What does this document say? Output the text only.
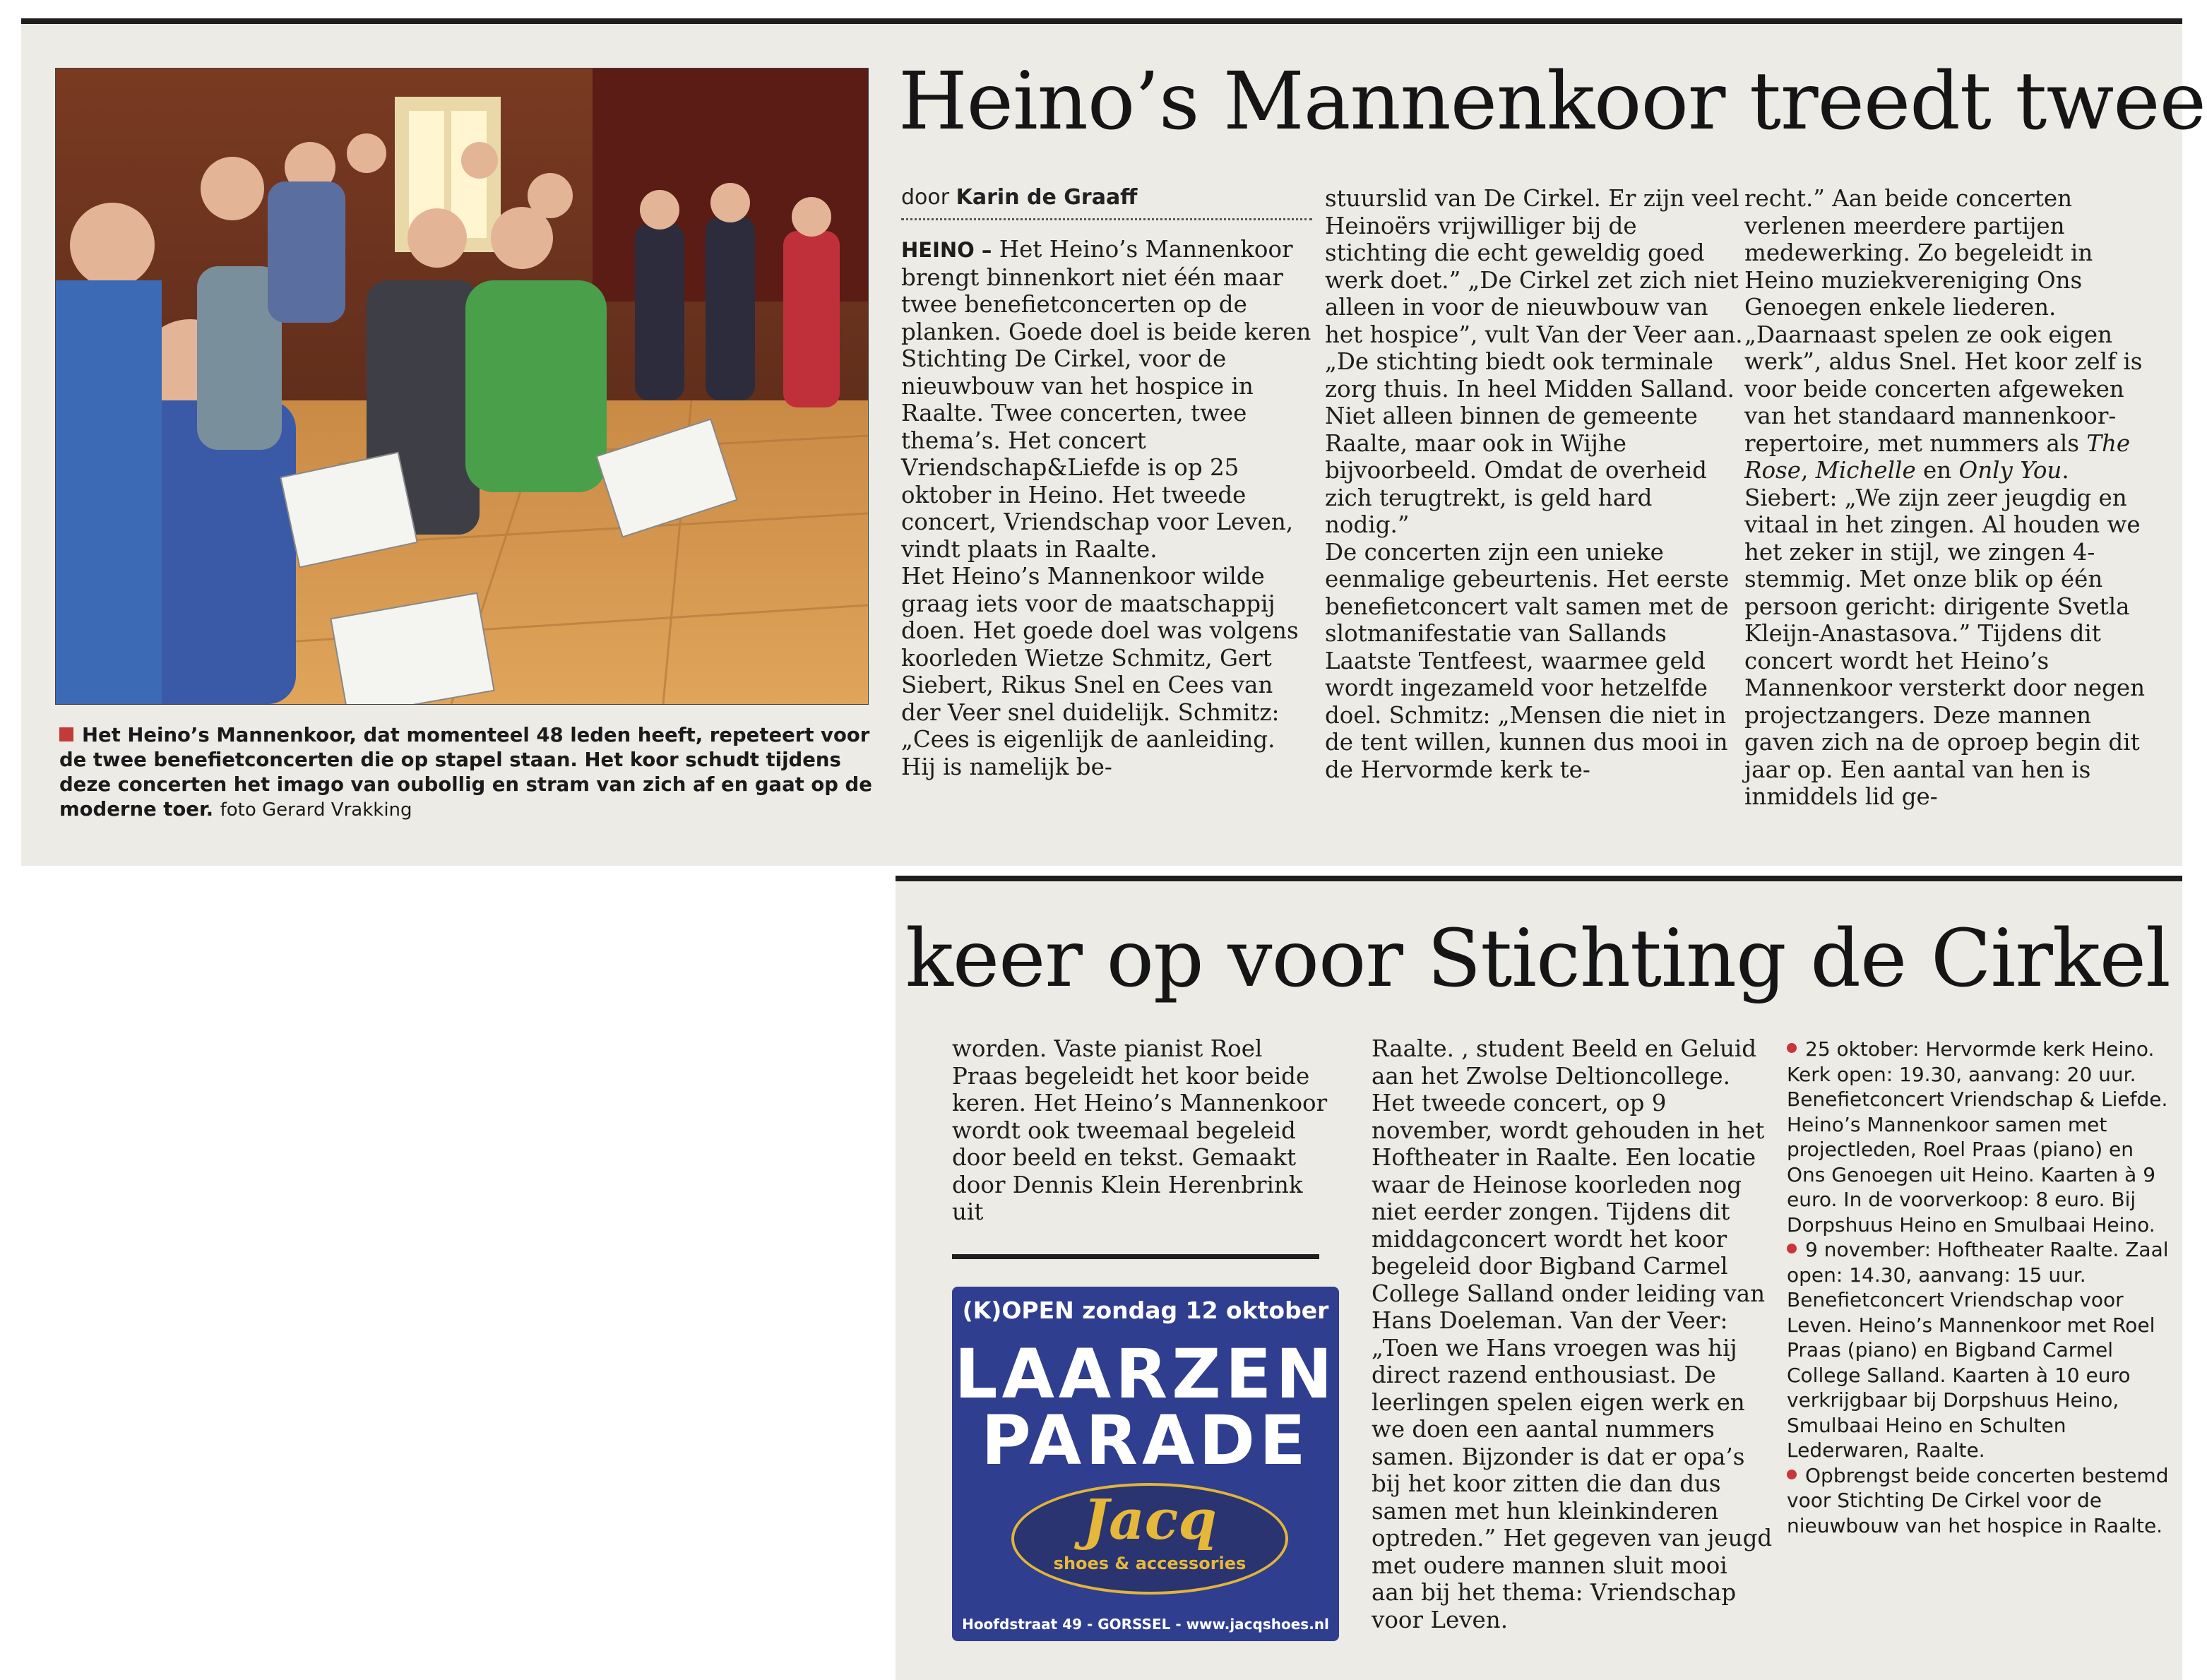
Het Heino’s Mannenkoor, dat momenteel 48 leden heeft, repeteert voor de twee benefietconcerten die op stapel staan. Het koor schudt tijdens deze concerten het imago van oubollig en stram van zich af en gaat op de moderne toer. foto Gerard Vrakking
Heino’s Mannenkoor treedt twee
door Karin de Graaff

HEINO – Het Heino’s Mannenkoor brengt binnenkort niet één maar twee benefietconcerten op de planken. Goede doel is beide keren Stichting De Cirkel, voor de nieuwbouw van het hospice in Raalte. Twee concerten, twee thema’s. Het concert Vriendschap&Liefde is op 25 oktober in Heino. Het tweede concert, Vriendschap voor Leven, vindt plaats in Raalte.

Het Heino’s Mannenkoor wilde graag iets voor de maatschappij doen. Het goede doel was volgens koorleden Wietze Schmitz, Gert Siebert, Rikus Snel en Cees van der Veer snel duidelijk. Schmitz: „Cees is eigenlijk de aanleiding. Hij is namelijk be-

stuurslid van De Cirkel. Er zijn veel Heinoërs vrijwilliger bij de stichting die echt geweldig goed werk doet.” „De Cirkel zet zich niet alleen in voor de nieuwbouw van het hospice”, vult Van der Veer aan. „De stichting biedt ook terminale zorg thuis. In heel Midden Salland. Niet alleen binnen de gemeente Raalte, maar ook in Wijhe bijvoorbeeld. Omdat de overheid zich terugtrekt, is geld hard nodig.”

De concerten zijn een unieke eenmalige gebeurtenis. Het eerste benefietconcert valt samen met de slotmanifestatie van Sallands Laatste Tentfeest, waarmee geld wordt ingezameld voor hetzelfde doel. Schmitz: „Mensen die niet in de tent willen, kunnen dus mooi in de Hervormde kerk te-

recht.” Aan beide concerten verlenen meerdere partijen medewerking. Zo begeleidt in Heino muziekvereniging Ons Genoegen enkele liederen. „Daarnaast spelen ze ook eigen werk”, aldus Snel. Het koor zelf is voor beide concerten afgeweken van het standaard mannenkoor-repertoire, met nummers als The Rose, Michelle en Only You. Siebert: „We zijn zeer jeugdig en vitaal in het zingen. Al houden we het zeker in stijl, we zingen 4-stemmig. Met onze blik op één persoon gericht: dirigente Svetla Kleijn-Anastasova.” Tijdens dit concert wordt het Heino’s Mannenkoor versterkt door negen projectzangers. Deze mannen gaven zich na de oproep begin dit jaar op. Een aantal van hen is inmiddels lid ge-

keer op voor Stichting de Cirkel

worden. Vaste pianist Roel Praas begeleidt het koor beide keren. Het Heino’s Mannenkoor wordt ook tweemaal begeleid door beeld en tekst. Gemaakt door Dennis Klein Herenbrink uit

(K)OPEN zondag 12 oktober
LAARZEN
PARADE
Jacq
shoes & accessories
Hoofdstraat 49 - GORSSEL - www.jacqshoes.nl

Raalte. , student Beeld en Geluid aan het Zwolse Deltioncollege. Het tweede concert, op 9 november, wordt gehouden in het Hoftheater in Raalte. Een locatie waar de Heinose koorleden nog niet eerder zongen. Tijdens dit middagconcert wordt het koor begeleid door Bigband Carmel College Salland onder leiding van Hans Doeleman. Van der Veer: „Toen we Hans vroegen was hij direct razend enthousiast. De leerlingen spelen eigen werk en we doen een aantal nummers samen. Bijzonder is dat er opa’s bij het koor zitten die dan dus samen met hun kleinkinderen optreden.” Het gegeven van jeugd met oudere mannen sluit mooi aan bij het thema: Vriendschap voor Leven.

25 oktober: Hervormde kerk Heino. Kerk open: 19.30, aanvang: 20 uur. Benefietconcert Vriendschap & Liefde. Heino’s Mannenkoor samen met projectleden, Roel Praas (piano) en Ons Genoegen uit Heino. Kaarten à 9 euro. In de voorverkoop: 8 euro. Bij Dorpshuus Heino en Smulbaai Heino.
9 november: Hoftheater Raalte. Zaal open: 14.30, aanvang: 15 uur. Benefietconcert Vriendschap voor Leven. Heino’s Mannenkoor met Roel Praas (piano) en Bigband Carmel College Salland. Kaarten à 10 euro verkrijgbaar bij Dorpshuus Heino, Smulbaai Heino en Schulten Lederwaren, Raalte.
Opbrengst beide concerten bestemd voor Stichting De Cirkel voor de nieuwbouw van het hospice in Raalte.
